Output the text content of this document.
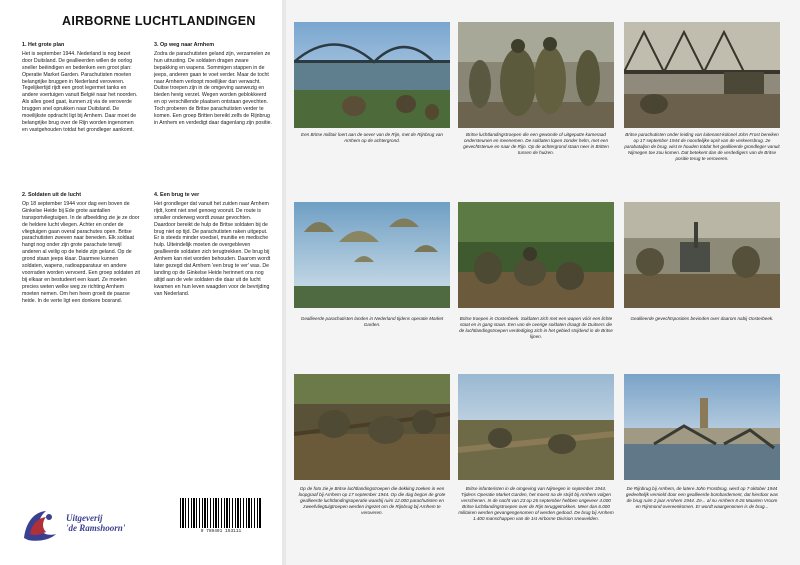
AIRBORNE LUCHTLANDINGEN
1. Het grote plan

Het is september 1944. Nederland is nog bezet door Duitsland. De geallieerden willen de oorlog sneller beëindigen en bedenken een groot plan: Operatie Market Garden. Parachutisten moeten belangrijke bruggen in Nederland veroveren. Tegelijkertijd rijdt een groot legermet tanks en andere voertuigen vanuit België naar het noorden. Als alles goed gaat, kunnen zij via de veroverde bruggen snel oprukken naar Duitsland. De moeilijkste opdracht ligt bij Arnhem. Daar moet de belangrijke brug over de Rijn worden ingenomen en vastgehouden totdat het grondleger aankomt.

3. Op weg naar Arnhem

Zodra de parachutisten geland zijn, verzamelen ze hun uitrusting. De soldaten dragen zware bepakking en wapens. Sommigen stappen in de jeeps, anderen gaan te voet verder. Maar de tocht naar Arnhem verloopt moeilijker dan verwacht. Duitse troepen zijn in de omgeving aanwezig en bieden hevig verzet. Wegen worden geblokkeerd en op verschillende plaatsen ontstaan gevechten. Toch proberen de Britse parachutisten verder te komen. Een groep Britten bereikt zelfs de Rijnbrug in Arnhem en verdedigt daar dagenlang zijn positie.

2. Soldaten uit de lucht

Op 18 september 1944 voor dag een boven de Ginkelse Heide bij Ede grote aantallen transportvliegtuigen. In de afbeelding zie je ze door de heldere lucht vliegen. Achter en onder de vliegtuigen gaan overal parachutes open. Britse parachutisten zweven naar beneden. Elk soldaat hangt nog onder zijn grote parachute terwijl anderen al veilig op de heide zijn geland. Op de grond staan jeeps klaar. Daarmee kunnen soldaten, wapens, radioapparatuur en andere voorraden worden vervoerd. Een groep soldaten zit bij elkaar en bestudeert een kaart. Ze moeten precies weten welke weg ze richting Arnhem moeten nemen. Om hen heen groeit de paarse heide. In de verte ligt een donkere bosrand.

4. Een brug te ver

Het grondleger dat vanuit het zuiden naar Arnhem rijdt, komt niet snel genoeg vooruit. De route is smaller onderweg wordt zwaar gevochten. Daardoor bereikt de hulp de Britse soldaten bij de brug niet op tijd. De parachutisten raken uitgeput. Er is steeds minder voedsel, munitie en medische hulp. Uiteindelijk moeten de overgebleven geallieerde soldaten zich terugtrekken. De brug bij Arnhem kan niet worden behouden. Daarom wordt later gezegd dat Arnhem 'een brug te ver' was. De landing op de Ginkelse Heide herinnert ons nog altijd aan de vele soldaten die daar uit de lucht kwamen en hun leven waagden voor de bevrijding van Nederland.

Uitgeverij
'de Ramshoorn'	9 789491 153111
Een Britse militair loert aan de oever van de Rijn, met de Rijnbrug van Arnhem op de achtergrond.
Britse luchtlandingstroepen die een gewonde of uitgeputte kameraad ondersteunen en meenemen. De soldaten lopen zonder helm, met een gevechtstenue en naar de Rijn. Op de achtergrond staan neer in Britten tussen de huizen.
Britse parachutisten onder leiding van luitenant-kolonel John Frost bereiken op 17 september 1944 de noordelijke oprit van de verkeersbrug. 2e parabataljon de brug, wist te houden totdat het geallieerde grondleger vanuit Nijmegen toe zou komen. Dat betekent dan de verdedigers van de Britse positie terug te veroveren.
Geallieerde parachutisten landen in Nederland tijdens operatie Market Garden.
Britse troepen in Oosterbeek. Soldaten zich met een wapen vóór een lichte staat en in gang staan. Een van de overige soldaten draagt de Duitsers die de luchtlandingstroepen verdediging zich in het gebied strijdend in de Britse lijnen.
Geallieerde gevechtsposities bevinden over daarom nabij Oosterbeek.
Op de foto zie je Britse luchtlandingstroepen die dekking zoeken in een loopgraaf bij Arnhem op 17 september 1944. Op die dag begon de grote geallieerde luchtlandingsoperatie waarbij ruim 12.000 parachutisten en zweefvliegtuigtroepen werden ingezet om de Rijnbrug bij Arnhem te veroveren.
Britse infanteristen in de omgeving van Nijmegen in september 1944. Tijdens Operatie Market Garden, het moest na de strijd bij Arnhem volgen verschenen. In de nacht van 23 op 26 september hebben ongeveer 4.000 Britse luchtlandingstroepen over de Rijn teruggetrokken. Meer dan 6.000 militairen werden gevangengenomen of werden gedood. De brug bij Arnhem 1.400 manschappen van de 1st Airborne Division sneuvelden.
De Rijnbrug bij Arnhem, de latere John Frostbrug, werd op 7 oktober 1944 gedeeltelijk vernield door een geallieerde bombardement, dat hierdoor was de brug ruim 2 jaar Arnhem 1944. Ze... al nu Arnhem 8-26 Maarten Vroom en Rijnmond overeenkomen. Er wordt waargenomen is de brug...
